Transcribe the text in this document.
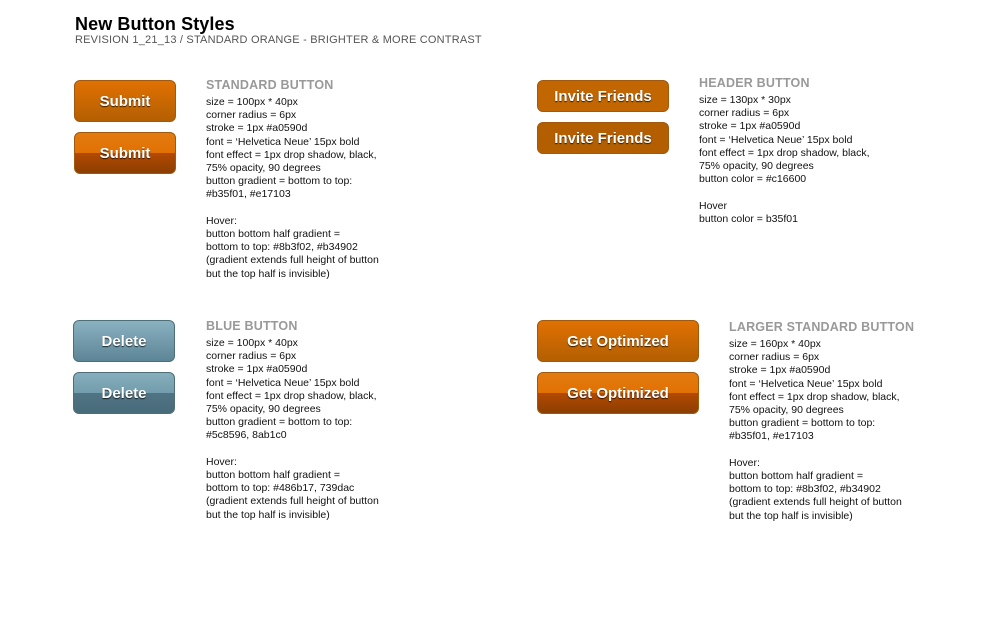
New Button Styles
REVISION 1_21_13 / STANDARD ORANGE - BRIGHTER & MORE CONTRAST
Submit
Submit
STANDARD BUTTON
size = 100px * 40px
corner radius = 6px
stroke = 1px #a0590d
font = ‘Helvetica Neue’ 15px bold
font effect = 1px drop shadow, black,
75% opacity, 90 degrees
button gradient = bottom to top:
#b35f01, #e17103
Hover:
button bottom half gradient =
bottom to top: #8b3f02, #b34902
(gradient extends full height of button
but the top half is invisible)
Invite Friends
Invite Friends
HEADER BUTTON
size = 130px * 30px
corner radius = 6px
stroke = 1px #a0590d
font = ‘Helvetica Neue’ 15px bold
font effect = 1px drop shadow, black,
75% opacity, 90 degrees
button color = #c16600
Hover
button color = b35f01
Delete
Delete
BLUE BUTTON
size = 100px * 40px
corner radius = 6px
stroke = 1px #a0590d
font = ‘Helvetica Neue’ 15px bold
font effect = 1px drop shadow, black,
75% opacity, 90 degrees
button gradient = bottom to top:
#5c8596, 8ab1c0
Hover:
button bottom half gradient =
bottom to top: #486b17, 739dac
(gradient extends full height of button
but the top half is invisible)
Get Optimized
Get Optimized
LARGER STANDARD BUTTON
size = 160px * 40px
corner radius = 6px
stroke = 1px #a0590d
font = ‘Helvetica Neue’ 15px bold
font effect = 1px drop shadow, black,
75% opacity, 90 degrees
button gradient = bottom to top:
#b35f01, #e17103
Hover:
button bottom half gradient =
bottom to top: #8b3f02, #b34902
(gradient extends full height of button
but the top half is invisible)
